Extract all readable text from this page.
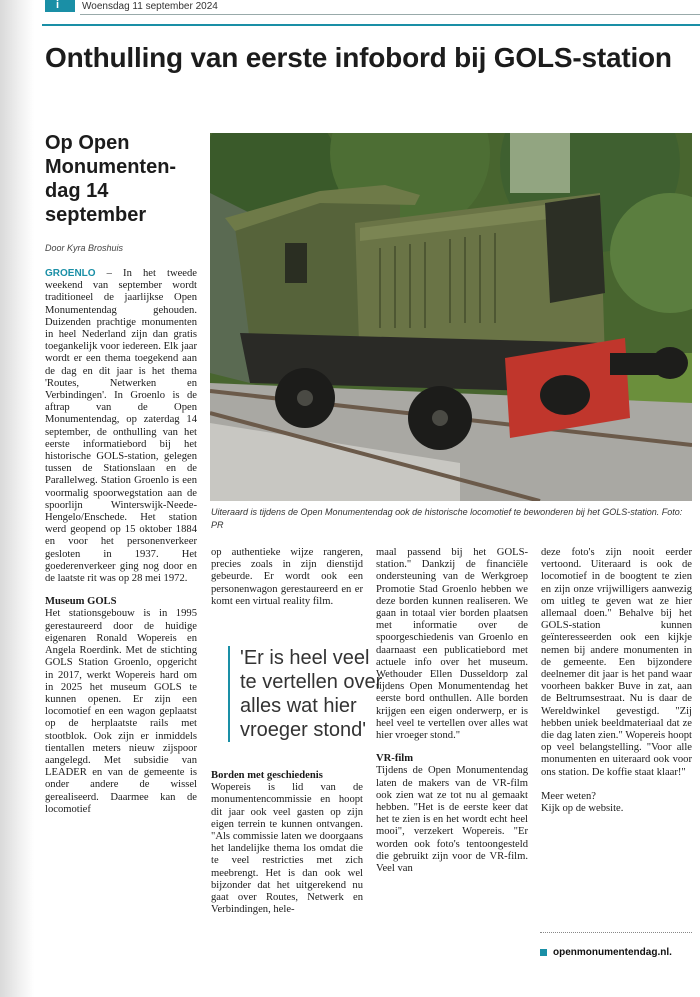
i Woensdag 11 september 2024
Onthulling van eerste infobord bij GOLS-station
Op Open Monumenten-dag 14 september
Door Kyra Broshuis
Uiteraard is tijdens de Open Monumentendag ook de historische locomotief te bewonderen bij het GOLS-station. Foto: PR

GROENLO – In het tweede weekend van september wordt traditioneel de jaarlijkse Open Monumentendag gehouden. Duizenden prachtige monumenten in heel Nederland zijn dan gratis toegankelijk voor iedereen. Elk jaar wordt er een thema toegekend aan de dag en dit jaar is het thema 'Routes, Netwerken en Verbindingen'. In Groenlo is de aftrap van de Open Monumentendag, op zaterdag 14 september, de onthulling van het eerste informatiebord bij het historische GOLS-station, gelegen tussen de Stationslaan en de Parallelweg. Station Groenlo is een voormalig spoorwegstation aan de spoorlijn Winterswijk-Neede-Hengelo/Enschede. Het station werd geopend op 15 oktober 1884 en voor het personenverkeer gesloten in 1937. Het goederenverkeer ging nog door en de laatste rit was op 28 mei 1972.

Museum GOLS

Het stationsgebouw is in 1995 gerestaureerd door de huidige eigenaren Ronald Wopereis en Angela Roerdink. Met de stichting GOLS Station Groenlo, opgericht in 2017, werkt Wopereis hard om in 2025 het museum GOLS te kunnen openen. Er zijn een locomotief en een wagon geplaatst op de herplaatste rails met stootblok. Ook zijn er inmiddels tientallen meters nieuw zijspoor aangelegd. Met subsidie van LEADER en van de gemeente is onder andere de wissel gerealiseerd. Daarmee kan de locomotief

op authentieke wijze rangeren, precies zoals in zijn dienstijd gebeurde. Er wordt ook een personenwagon gerestaureerd en er komt een virtual reality film.

'Er is heel veel te vertellen over alles wat hier vroeger stond'

Borden met geschiedenis

Wopereis is lid van de monumentencommissie en hoopt dit jaar ook veel gasten op zijn eigen terrein te kunnen ontvangen. "Als commissie laten we doorgaans het landelijke thema los omdat die te veel restricties met zich meebrengt. Het is dan ook wel bijzonder dat het uitgerekend nu gaat over Routes, Netwerk en Verbindingen, hele-

maal passend bij het GOLS-station." Dankzij de financiële ondersteuning van de Werkgroep Promotie Stad Groenlo hebben we deze borden kunnen realiseren. We gaan in totaal vier borden plaatsen met informatie over de spoorgeschiedenis van Groenlo en daarnaast een publicatiebord met actuele info over het museum. Wethouder Ellen Dusseldorp zal tijdens Open Monumentendag het eerste bord onthullen. Alle borden krijgen een eigen onderwerp, er is heel veel te vertellen over alles wat hier vroeger stond."

VR-film

Tijdens de Open Monumentendag laten de makers van de VR-film ook zien wat ze tot nu al gemaakt hebben. "Het is de eerste keer dat het te zien is en het wordt echt heel mooi", verzekert Wopereis. "Er worden ook foto's tentoongesteld die gebruikt zijn voor de VR-film. Veel van

deze foto's zijn nooit eerder vertoond. Uiteraard is ook de locomotief in de boogtent te zien en zijn onze vrijwilligers aanwezig om uitleg te geven wat ze hier allemaal doen." Behalve bij het GOLS-station kunnen geïnteresseerden ook een kijkje nemen bij andere monumenten in de gemeente. Een bijzondere deelnemer dit jaar is het pand waar voorheen bakker Buve in zat, aan de Beltrumsestraat. Nu is daar de Wereldwinkel gevestigd. "Zij hebben uniek beeldmateriaal dat ze die dag laten zien." Wopereis hoopt op veel belangstelling. "Voor alle monumenten en uiteraard ook voor ons station. De koffie staat klaar!"

Meer weten?

Kijk op de website.

openmonumentendag.nl.
